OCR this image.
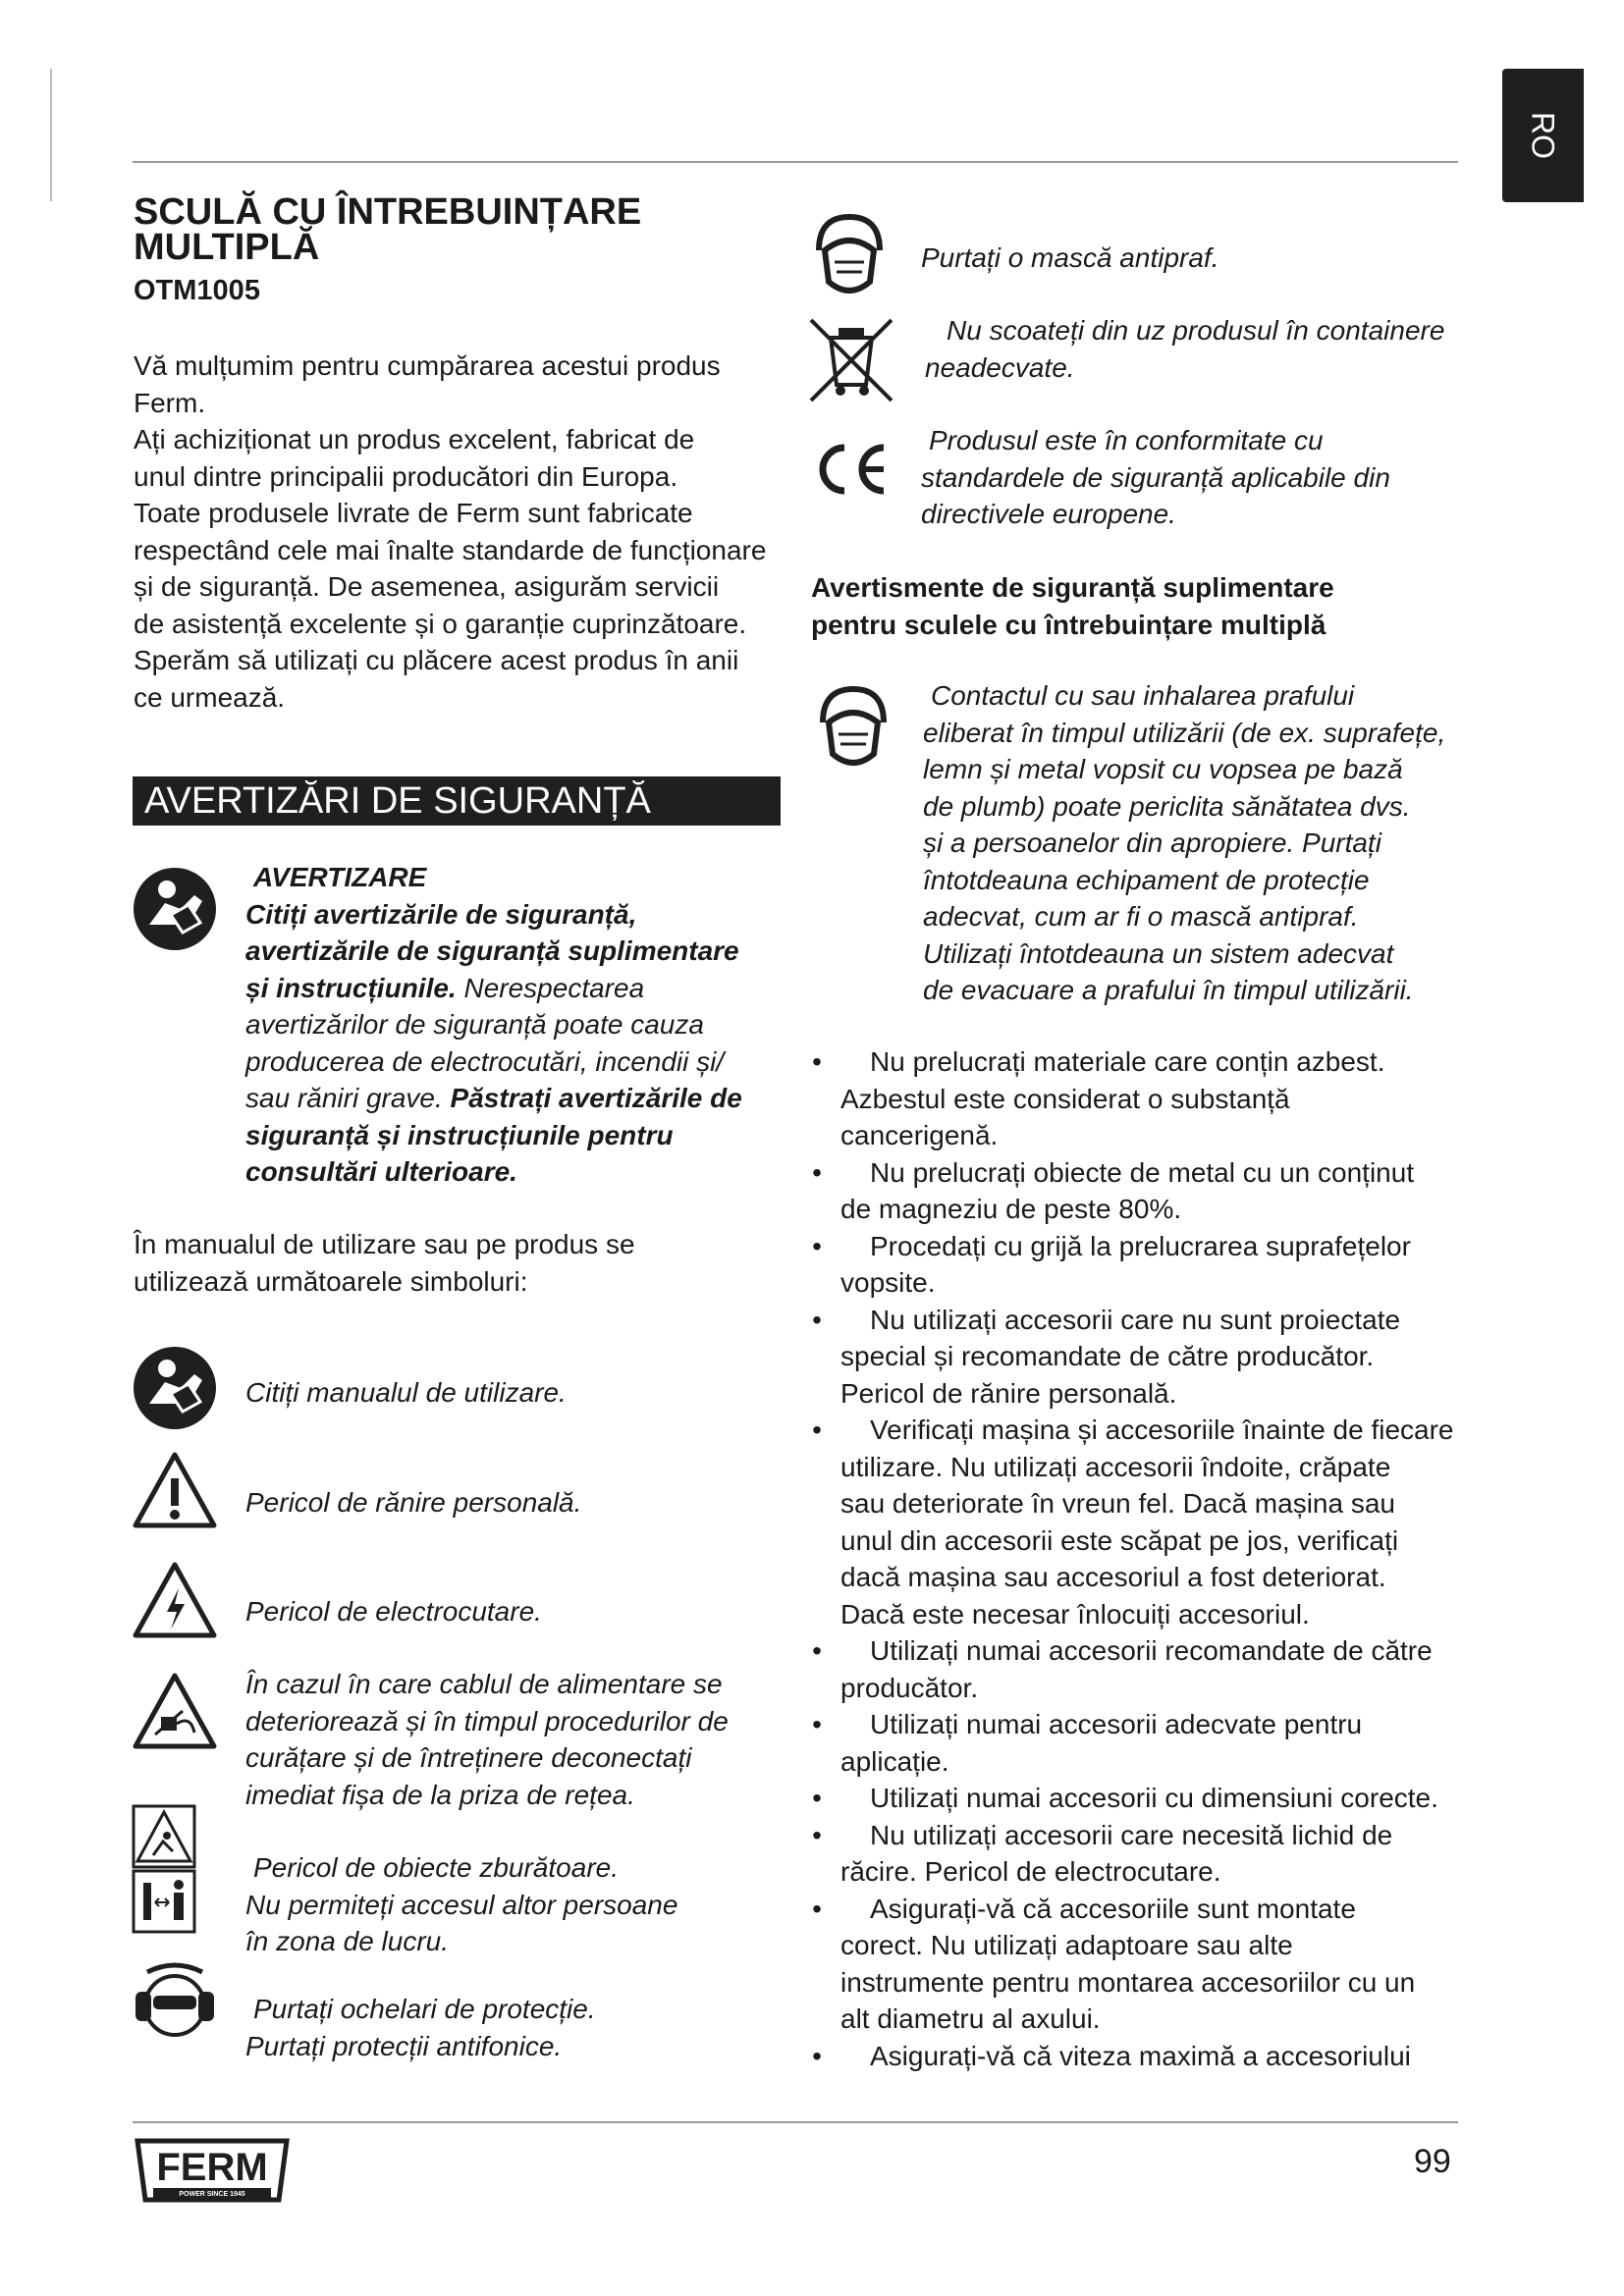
RO
SCULĂ CU ÎNTREBUINȚARE
MULTIPLĂ
OTM1005
Vă mulțumim pentru cumpărarea acestui produs
Ferm.
Ați achiziționat un produs excelent, fabricat de
unul dintre principalii producători din Europa.
Toate produsele livrate de Ferm sunt fabricate
respectând cele mai înalte standarde de funcționare
și de siguranță. De asemenea, asigurăm servicii
de asistență excelente și o garanție cuprinzătoare.
Sperăm să utilizați cu plăcere acest produs în anii
ce urmează.
AVERTIZĂRI DE SIGURANȚĂ
AVERTIZARE
Citiți avertizările de siguranță,
avertizările de siguranță suplimentare
și instrucțiunile. Nerespectarea
avertizărilor de siguranță poate cauza
producerea de electrocutări, incendii și/
sau răniri grave. Păstrați avertizările de
siguranță și instrucțiunile pentru
consultări ulterioare.
În manualul de utilizare sau pe produs se
utilizează următoarele simboluri:
Citiți manualul de utilizare.
Pericol de rănire personală.
Pericol de electrocutare.
În cazul în care cablul de alimentare se
deteriorează și în timpul procedurilor de
curățare și de întreținere deconectați
imediat fișa de la priza de rețea.
Pericol de obiecte zburătoare.
Nu permiteți accesul altor persoane
în zona de lucru.
Purtați ochelari de protecție.
Purtați protecții antifonice.
Purtați o mască antipraf.
Nu scoateți din uz produsul în containere
neadecvate.
Produsul este în conformitate cu
standardele de siguranță aplicabile din
directivele europene.
Avertismente de siguranță suplimentare
pentru sculele cu întrebuințare multiplă
Contactul cu sau inhalarea prafului
eliberat în timpul utilizării (de ex. suprafețe,
lemn și metal vopsit cu vopsea pe bază
de plumb) poate periclita sănătatea dvs.
și a persoanelor din apropiere. Purtați
întotdeauna echipament de protecție
adecvat, cum ar fi o mască antipraf.
Utilizați întotdeauna un sistem adecvat
de evacuare a prafului în timpul utilizării.
•	Nu prelucrați materiale care conțin azbest.
Azbestul este considerat o substanță
cancerigenă.
•	Nu prelucrați obiecte de metal cu un conținut
de magneziu de peste 80%.
•	Procedați cu grijă la prelucrarea suprafețelor
vopsite.
•	Nu utilizați accesorii care nu sunt proiectate
special și recomandate de către producător.
Pericol de rănire personală.
•	Verificați mașina și accesoriile înainte de fiecare
utilizare. Nu utilizați accesorii îndoite, crăpate
sau deteriorate în vreun fel. Dacă mașina sau
unul din accesorii este scăpat pe jos, verificați
dacă mașina sau accesoriul a fost deteriorat.
Dacă este necesar înlocuiți accesoriul.
•	Utilizați numai accesorii recomandate de către
producător.
•	Utilizați numai accesorii adecvate pentru
aplicație.
•	Utilizați numai accesorii cu dimensiuni corecte.
•	Nu utilizați accesorii care necesită lichid de
răcire. Pericol de electrocutare.
•	Asigurați-vă că accesoriile sunt montate
corect. Nu utilizați adaptoare sau alte
instrumente pentru montarea accesoriilor cu un
alt diametru al axului.
•	Asigurați-vă că viteza maximă a accesoriului
FERM
POWER SINCE 1945
99
